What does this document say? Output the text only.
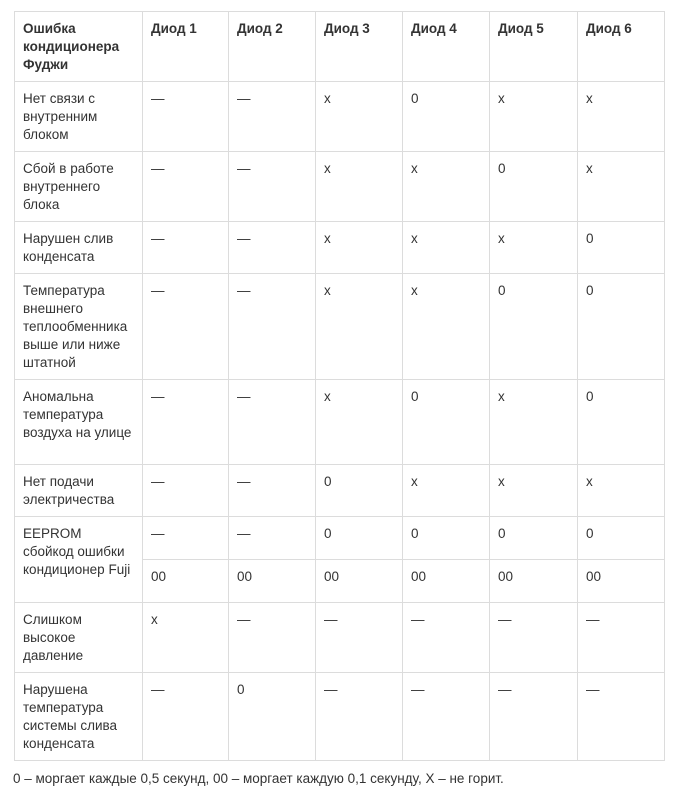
Ошибка кондиционера Фуджи	Диод 1	Диод 2	Диод 3	Диод 4	Диод 5	Диод 6
Нет связи с внутренним блоком	—	—	x	0	x	x
Сбой в работе внутреннего блока	—	—	x	x	0	x
Нарушен слив конденсата	—	—	x	x	x	0
Температура внешнего теплообменника выше или ниже штатной	—	—	x	x	0	0
Аномальна температура воздуха на улице	—	—	x	0	x	0
Нет подачи электричества	—	—	0	x	x	x
EEPROM сбойкод ошибки кондиционер Fuji	—	—	0	0	0	0
	00	00	00	00	00	00
Слишком высокое давление	x	—	—	—	—	—
Нарушена температура системы слива конденсата	—	0	—	—	—	—

0 – моргает каждые 0,5 секунд, 00 – моргает каждую 0,1 секунду, X – не горит.
